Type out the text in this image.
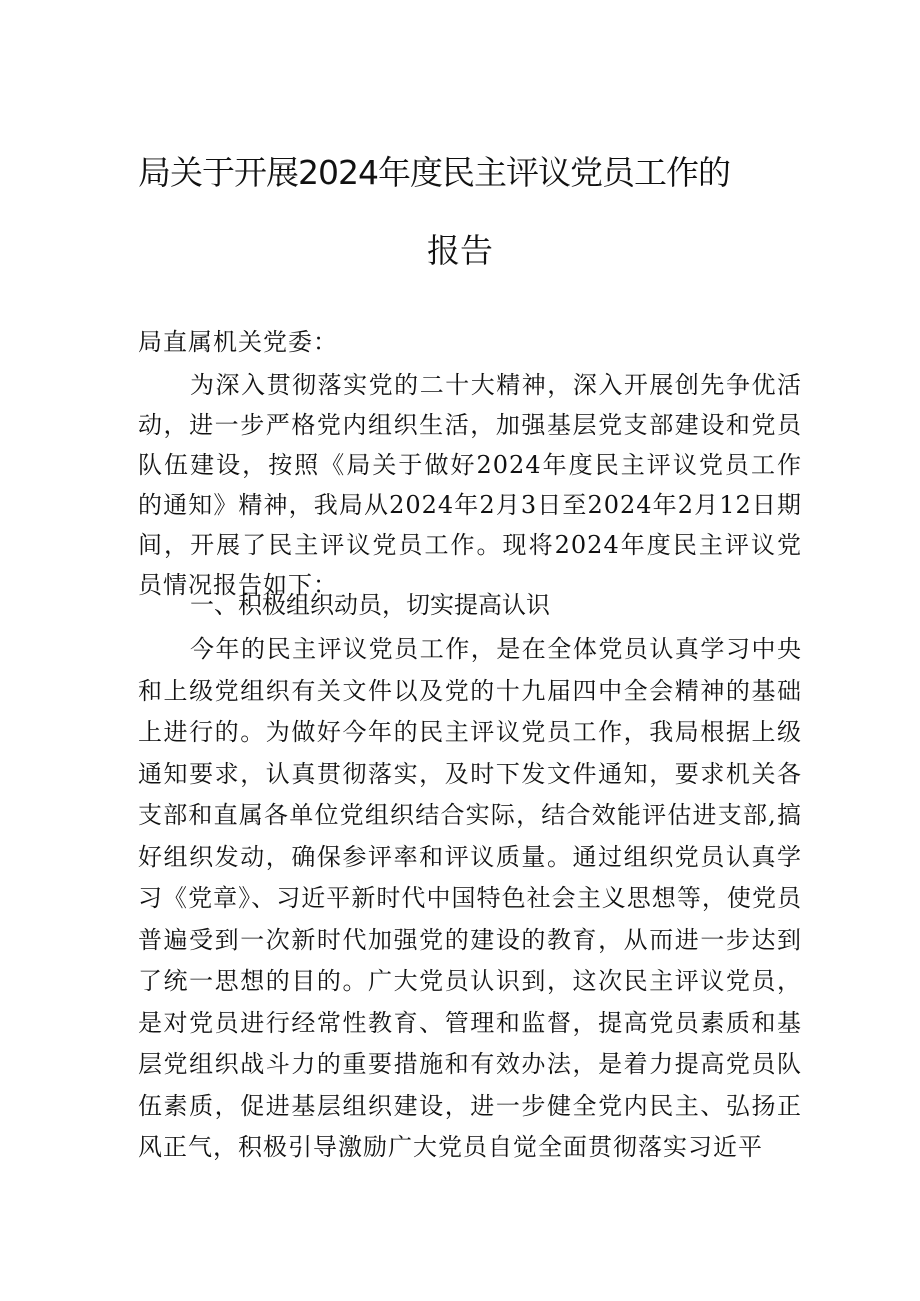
局关于开展2024年度民主评议党员工作的
报告
局直属机关党委：
为深入贯彻落实党的二十大精神，深入开展创先争优活动，进一步严格党内组织生活，加强基层党支部建设和党员队伍建设，按照《局关于做好2024年度民主评议党员工作的通知》精神，我局从2024年2月3日至2024年2月12日期间，开展了民主评议党员工作。现将2024年度民主评议党员情况报告如下：
一、积极组织动员，切实提高认识
今年的民主评议党员工作，是在全体党员认真学习中央和上级党组织有关文件以及党的十九届四中全会精神的基础上进行的。为做好今年的民主评议党员工作，我局根据上级通知要求，认真贯彻落实，及时下发文件通知，要求机关各支部和直属各单位党组织结合实际，结合效能评估进支部,搞好组织发动，确保参评率和评议质量。通过组织党员认真学习《党章》、习近平新时代中国特色社会主义思想等，使党员普遍受到一次新时代加强党的建设的教育，从而进一步达到了统一思想的目的。广大党员认识到，这次民主评议党员，是对党员进行经常性教育、管理和监督，提高党员素质和基层党组织战斗力的重要措施和有效办法，是着力提高党员队伍素质，促进基层组织建设，进一步健全党内民主、弘扬正风正气，积极引导激励广大党员自觉全面贯彻落实习近平
